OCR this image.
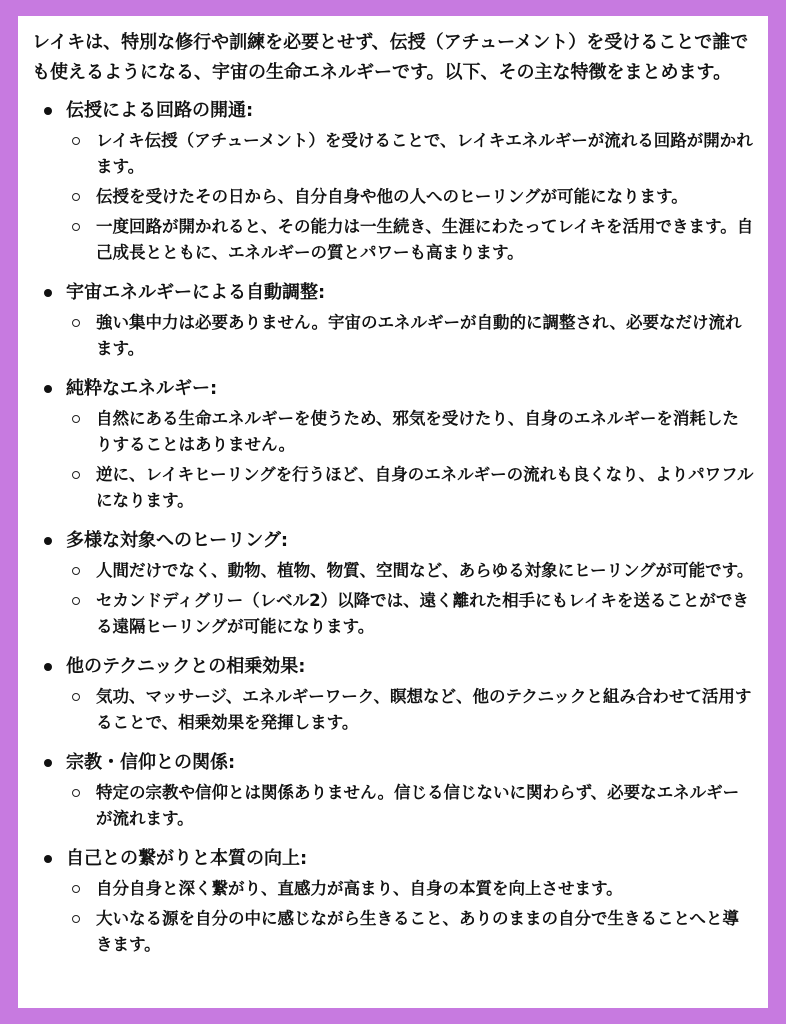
レイキは、特別な修行や訓練を必要とせず、伝授（アチューメント）を受けることで誰でも使えるようになる、宇宙の生命エネルギーです。以下、その主な特徴をまとめます。

伝授による回路の開通:
レイキ伝授（アチューメント）を受けることで、レイキエネルギーが流れる回路が開かれます。
伝授を受けたその日から、自分自身や他の人へのヒーリングが可能になります。
一度回路が開かれると、その能力は一生続き、生涯にわたってレイキを活用できます。自己成長とともに、エネルギーの質とパワーも高まります。
宇宙エネルギーによる自動調整:
強い集中力は必要ありません。宇宙のエネルギーが自動的に調整され、必要なだけ流れます。
純粋なエネルギー:
自然にある生命エネルギーを使うため、邪気を受けたり、自身のエネルギーを消耗したりすることはありません。
逆に、レイキヒーリングを行うほど、自身のエネルギーの流れも良くなり、よりパワフルになります。
多様な対象へのヒーリング:
人間だけでなく、動物、植物、物質、空間など、あらゆる対象にヒーリングが可能です。
セカンドディグリー（レベル2）以降では、遠く離れた相手にもレイキを送ることができる遠隔ヒーリングが可能になります。
他のテクニックとの相乗効果:
気功、マッサージ、エネルギーワーク、瞑想など、他のテクニックと組み合わせて活用することで、相乗効果を発揮します。
宗教・信仰との関係:
特定の宗教や信仰とは関係ありません。信じる信じないに関わらず、必要なエネルギーが流れます。
自己との繋がりと本質の向上:
自分自身と深く繋がり、直感力が高まり、自身の本質を向上させます。
大いなる源を自分の中に感じながら生きること、ありのままの自分で生きることへと導きます。
